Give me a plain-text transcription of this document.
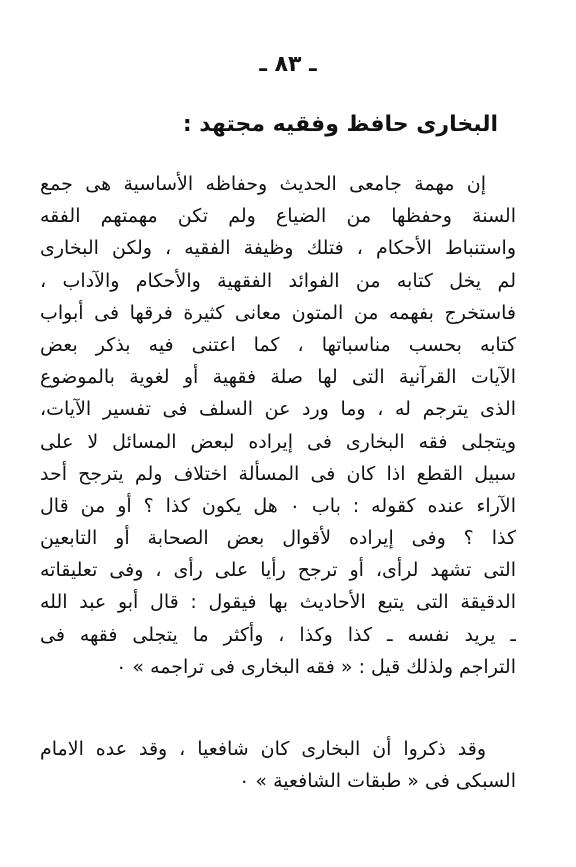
ـ ٨٣ ـ
البخارى حافظ وفقيه مجتهد :
إن مهمة جامعى الحديث وحفاظه الأساسية هى جمع
السنة وحفظها من الضياع ولم تكن مهمتهم الفقه
واستنباط الأحكام ، فتلك وظيفة الفقيه ، ولكن البخارى
لم يخل كتابه من الفوائد الفقهية والأحكام والآداب ،
فاستخرج بفهمه من المتون معانى كثيرة فرقها فى أبواب
كتابه بحسب مناسباتها ، كما اعتنى فيه بذكر بعض
الآيات القرآنية التى لها صلة فقهية أو لغوية بالموضوع
الذى يترجم له ، وما ورد عن السلف فى تفسير الآيات،
ويتجلى فقه البخارى فى إيراده لبعض المسائل لا على
سبيل القطع اذا كان فى المسألة اختلاف ولم يترجح أحد
الآراء عنده كقوله : باب ٠ هل يكون كذا ؟ أو من قال
كذا ؟ وفى إيراده لأقوال بعض الصحابة أو التابعين
التى تشهد لرأى، أو ترجح رأيا على رأى ، وفى تعليقاته
الدقيقة التى يتبع الأحاديث بها فيقول : قال أبو عبد الله
ـ يريد نفسه ـ كذا وكذا ، وأكثر ما يتجلى فقهه فى
التراجم ولذلك قيل : « فقه البخارى فى تراجمه » ٠
وقد ذكروا أن البخارى كان شافعيا ، وقد عده الامام
السبكى فى « طبقات الشافعية » ٠
